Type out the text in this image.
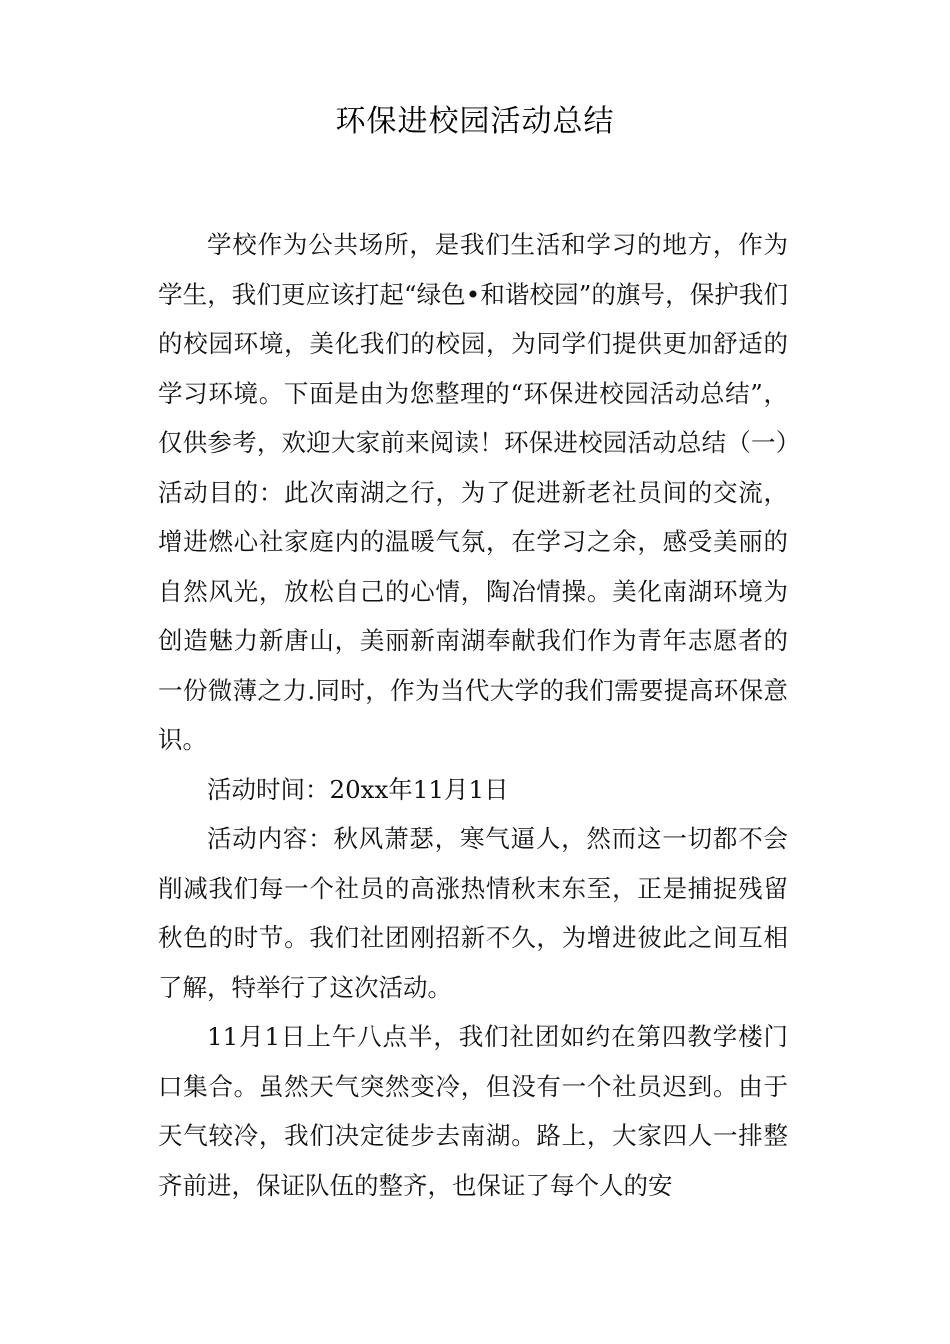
环保进校园活动总结

学校作为公共场所，是我们生活和学习的地方，作为学生，我们更应该打起“绿色•和谐校园”的旗号，保护我们的校园环境，美化我们的校园，为同学们提供更加舒适的学习环境。下面是由为您整理的“环保进校园活动总结”，仅供参考，欢迎大家前来阅读！环保进校园活动总结（一）活动目的：此次南湖之行，为了促进新老社员间的交流，增进燃心社家庭内的温暖气氛，在学习之余，感受美丽的自然风光，放松自己的心情，陶冶情操。美化南湖环境为创造魅力新唐山，美丽新南湖奉献我们作为青年志愿者的一份微薄之力.同时，作为当代大学的我们需要提高环保意识。

活动时间：20xx年11月1日

活动内容：秋风萧瑟，寒气逼人，然而这一切都不会削减我们每一个社员的高涨热情秋末东至，正是捕捉残留秋色的时节。我们社团刚招新不久，为增进彼此之间互相了解，特举行了这次活动。

11月1日上午八点半，我们社团如约在第四教学楼门口集合。虽然天气突然变冷，但没有一个社员迟到。由于天气较冷，我们决定徒步去南湖。路上，大家四人一排整齐前进，保证队伍的整齐，也保证了每个人的安
